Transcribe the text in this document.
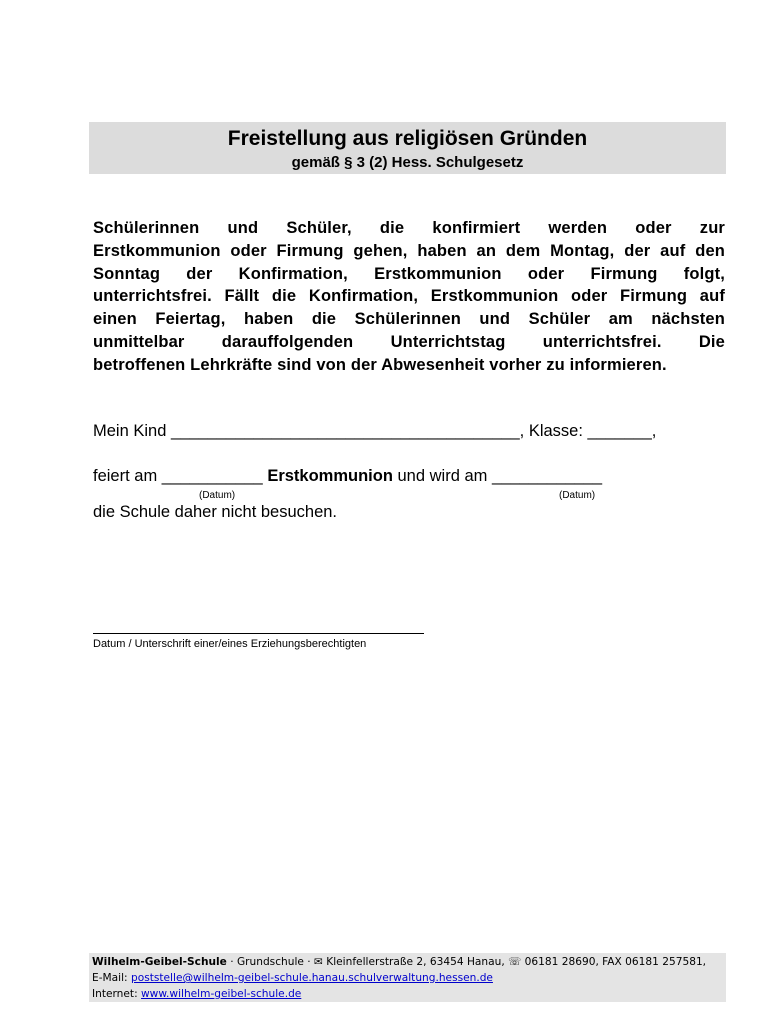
Freistellung aus religiösen Gründen
gemäß § 3 (2) Hess. Schulgesetz
Schülerinnen und Schüler, die konfirmiert werden oder zur
Erstkommunion oder Firmung gehen, haben an dem Montag, der auf den
Sonntag der Konfirmation, Erstkommunion oder Firmung folgt,
unterrichtsfrei. Fällt die Konfirmation, Erstkommunion oder Firmung auf
einen Feiertag, haben die Schülerinnen und Schüler am nächsten
unmittelbar darauffolgenden Unterrichtstag unterrichtsfrei. Die
betroffenen Lehrkräfte sind von der Abwesenheit vorher zu informieren.
Mein Kind ______________________________________, Klasse: _______,
feiert am ___________ Erstkommunion und wird am ____________
(Datum)	(Datum)
die Schule daher nicht besuchen.
Datum / Unterschrift einer/eines Erziehungsberechtigten
Wilhelm-Geibel-Schule · Grundschule · ✉ Kleinfellerstraße 2, 63454 Hanau, ☏ 06181 28690, FAX 06181 257581,
E-Mail: poststelle@wilhelm-geibel-schule.hanau.schulverwaltung.hessen.de
Internet: www.wilhelm-geibel-schule.de
